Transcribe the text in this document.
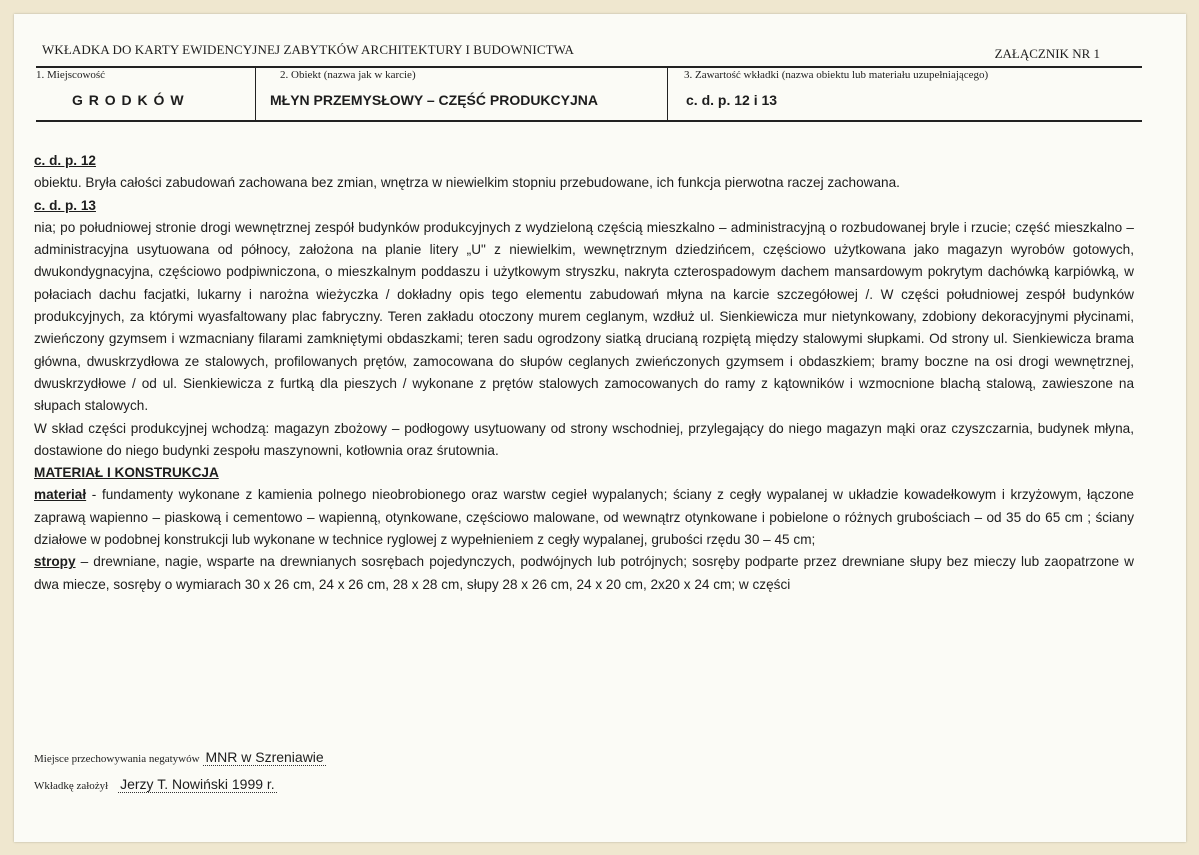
WKŁADKA DO KARTY EWIDENCYJNEJ ZABYTKÓW ARCHITEKTURY I BUDOWNICTWA	ZAŁĄCZNIK NR 1
1. Miejscowość
G R O D K Ó W
2. Obiekt (nazwa jak w karcie)
MŁYN PRZEMYSŁOWY – CZĘŚĆ PRODUKCYJNA
3. Zawartość wkładki (nazwa obiektu lub materiału uzupełniającego)
c. d. p. 12 i 13

c. d. p. 12

obiektu. Bryła całości zabudowań zachowana bez zmian, wnętrza w niewielkim stopniu przebudowane, ich funkcja pierwotna raczej zachowana.

c. d. p. 13

nia; po południowej stronie drogi wewnętrznej zespół budynków produkcyjnych z wydzieloną częścią mieszkalno – administracyjną o rozbudowanej bryle i rzucie; część mieszkalno – administracyjna usytuowana od północy, założona na planie litery „U" z niewielkim, wewnętrznym dziedzińcem, częściowo użytkowana jako magazyn wyrobów gotowych, dwukondygnacyjna, częściowo podpiwniczona, o mieszkalnym poddaszu i użytkowym stryszku, nakryta czterospadowym dachem mansardowym pokrytym dachówką karpiówką, w połaciach dachu facjatki, lukarny i narożna wieżyczka / dokładny opis tego elementu zabudowań młyna na karcie szczegółowej /. W części południowej zespół budynków produkcyjnych, za którymi wyasfaltowany plac fabryczny. Teren zakładu otoczony murem ceglanym, wzdłuż ul. Sienkiewicza mur nietynkowany, zdobiony dekoracyjnymi płycinami, zwieńczony gzymsem i wzmacniany filarami zamkniętymi obdaszkami; teren sadu ogrodzony siatką drucianą rozpiętą między stalowymi słupkami. Od strony ul. Sienkiewicza brama główna, dwuskrzydłowa ze stalowych, profilowanych prętów, zamocowana do słupów ceglanych zwieńczonych gzymsem i obdaszkiem; bramy boczne na osi drogi wewnętrznej, dwuskrzydłowe / od ul. Sienkiewicza z furtką dla pieszych / wykonane z prętów stalowych zamocowanych do ramy z kątowników i wzmocnione blachą stalową, zawieszone na słupach stalowych.

W skład części produkcyjnej wchodzą: magazyn zbożowy – podłogowy usytuowany od strony wschodniej, przylegający do niego magazyn mąki oraz czyszczarnia, budynek młyna, dostawione do niego budynki zespołu maszynowni, kotłownia oraz śrutownia.

MATERIAŁ I KONSTRUKCJA

materiał - fundamenty wykonane z kamienia polnego nieobrobionego oraz warstw cegieł wypalanych; ściany z cegły wypalanej w układzie kowadełkowym i krzyżowym, łączone zaprawą wapienno – piaskową i cementowo – wapienną, otynkowane, częściowo malowane, od wewnątrz otynkowane i pobielone o różnych grubościach – od 35 do 65 cm ; ściany działowe w podobnej konstrukcji lub wykonane w technice ryglowej z wypełnieniem z cegły wypalanej, grubości rzędu 30 – 45 cm;

stropy – drewniane, nagie, wsparte na drewnianych sosrębach pojedynczych, podwójnych lub potrójnych; sosręby podparte przez drewniane słupy bez mieczy lub zaopatrzone w dwa miecze, sosręby o wymiarach 30 x 26 cm, 24 x 26 cm, 28 x 28 cm, słupy 28 x 26 cm, 24 x 20 cm, 2x20 x 24 cm; w części

Miejsce przechowywania negatywów MNR w Szreniawie
Wkładkę założył Jerzy T. Nowiński 1999 r.
